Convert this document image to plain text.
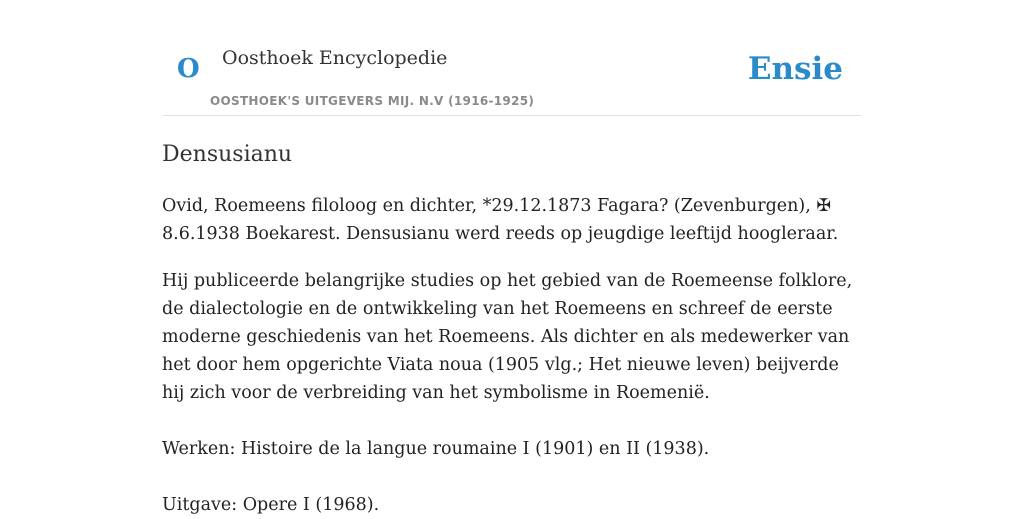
O Oosthoek Encyclopedie
OOSTHOEK'S UITGEVERS MIJ. N.V (1916-1925)
Ensie
Densusianu

Ovid, Roemeens filoloog en dichter, *29.12.1873 Fagara? (Zevenburgen), ✠ 8.6.1938 Boekarest. Densusianu werd reeds op jeugdige leeftijd hoogleraar.

Hij publiceerde belangrijke studies op het gebied van de Roemeense folklore, de dialectologie en de ontwikkeling van het Roemeens en schreef de eerste moderne geschiedenis van het Roemeens. Als dichter en als medewerker van het door hem opgerichte Viata noua (1905 vlg.; Het nieuwe leven) beijverde hij zich voor de verbreiding van het symbolisme in Roemenië.

Werken: Histoire de la langue roumaine I (1901) en II (1938).

Uitgave: Opere I (1968).
